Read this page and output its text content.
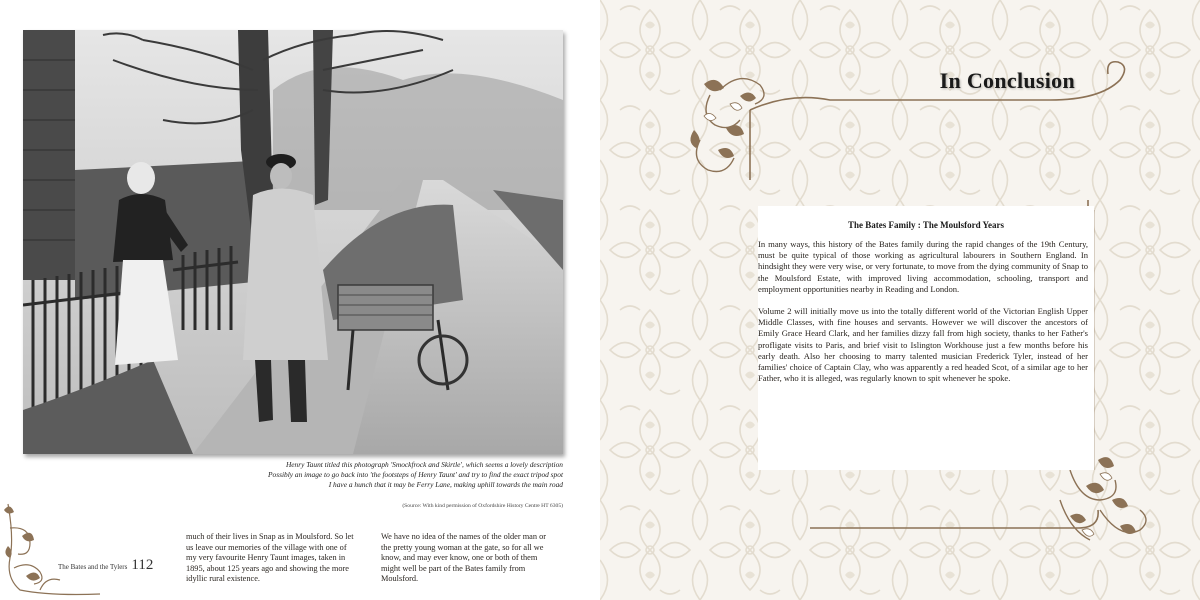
Henry Taunt titled this photograph 'Smockfrock and Skirtle', which seems a lovely description
Possibly an image to go back into 'the footsteps of Henry Taunt' and try to find the exact tripod spot
I have a hunch that it may be Ferry Lane, making uphill towards the main road
(Source: With kind permission of Oxfordshire History Centre HT 6305)
The Bates and the Tylers 112
much of their lives in Snap as in Moulsford. So let us leave our memories of the village with one of my very favourite Henry Taunt images, taken in 1895, about 125 years ago and showing the more idyllic rural existence.
We have no idea of the names of the older man or the pretty young woman at the gate, so for all we know, and may ever know, one or both of them might well be part of the Bates family from Moulsford.
In Conclusion
The Bates Family : The Moulsford Years

In many ways, this history of the Bates family during the rapid changes of the 19th Century, must be quite typical of those working as agricultural labourers in Southern England. In hindsight they were very wise, or very fortunate, to move from the dying community of Snap to the Moulsford Estate, with improved living accommodation, schooling, transport and employment opportunities nearby in Reading and London.

Volume 2 will initially move us into the totally different world of the Victorian English Upper Middle Classes, with fine houses and servants. However we will discover the ancestors of Emily Grace Heard Clark, and her families dizzy fall from high society, thanks to her Father's profligate visits to Paris, and brief visit to Islington Workhouse just a few months before his early death. Also her choosing to marry talented musician Frederick Tyler, instead of her families' choice of Captain Clay, who was apparently a red headed Scot, of a similar age to her Father, who it is alleged, was regularly known to spit whenever he spoke.
